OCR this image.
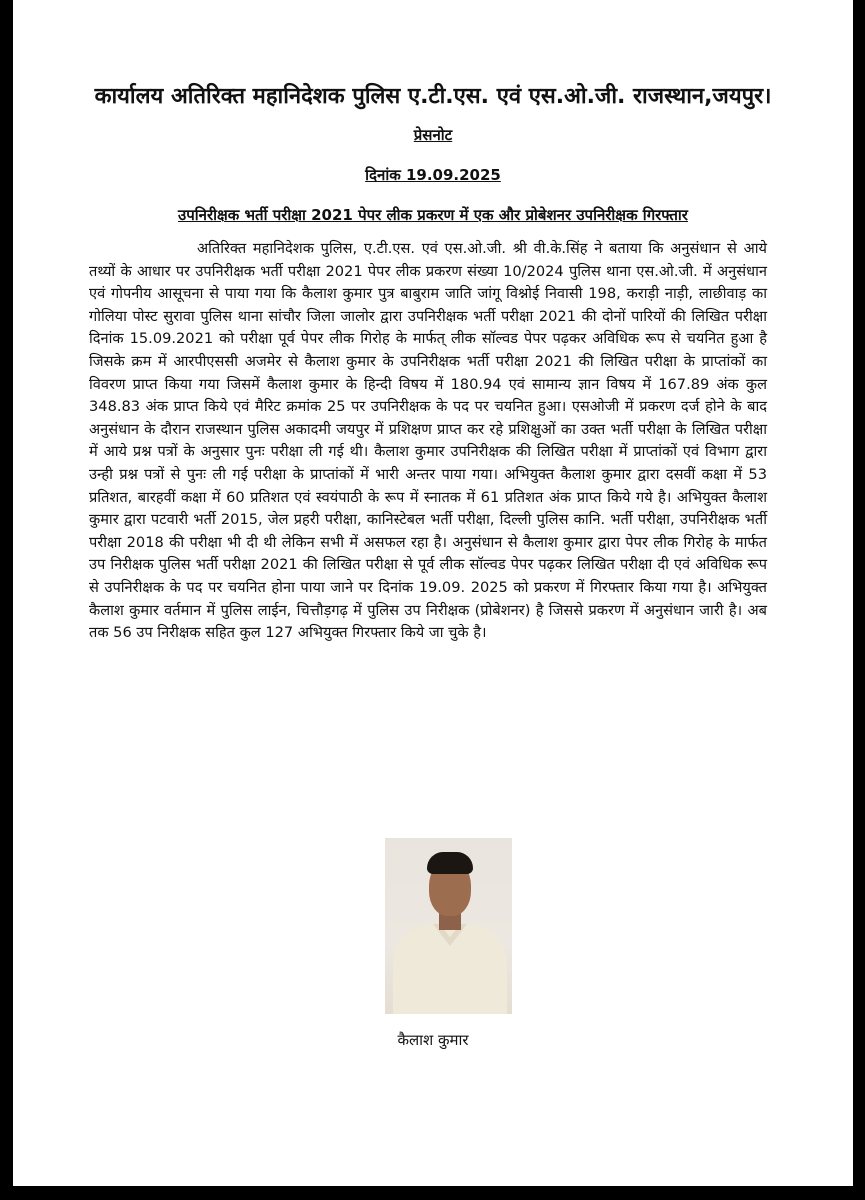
कार्यालय अतिरिक्त महानिदेशक पुलिस ए.टी.एस. एवं एस.ओ.जी. राजस्थान,जयपुर।

प्रेसनोट

दिनांक 19.09.2025

उपनिरीक्षक भर्ती परीक्षा 2021 पेपर लीक प्रकरण में एक और प्रोबेशनर उपनिरीक्षक गिरफ्तार

अतिरिक्त महानिदेशक पुलिस, ए.टी.एस. एवं एस.ओ.जी. श्री वी.के.सिंह ने बताया कि अनुसंधान से आये तथ्यों के आधार पर उपनिरीक्षक भर्ती परीक्षा 2021 पेपर लीक प्रकरण संख्या 10/2024 पुलिस थाना एस.ओ.जी. में अनुसंधान एवं गोपनीय आसूचना से पाया गया कि कैलाश कुमार पुत्र बाबुराम जाति जांगू विश्नोई निवासी 198, कराड़ी नाड़ी, लाछीवाड़ का गोलिया पोस्ट सुरावा पुलिस थाना सांचौर जिला जालोर द्वारा उपनिरीक्षक भर्ती परीक्षा 2021 की दोनों पारियों की लिखित परीक्षा दिनांक 15.09.2021 को परीक्षा पूर्व पेपर लीक गिरोह के मार्फत् लीक सॉल्वड पेपर पढ़कर अविधिक रूप से चयनित हुआ है जिसके क्रम में आरपीएससी अजमेर से कैलाश कुमार के उपनिरीक्षक भर्ती परीक्षा 2021 की लिखित परीक्षा के प्राप्तांकों का विवरण प्राप्त किया गया जिसमें कैलाश कुमार के हिन्दी विषय में 180.94 एवं सामान्य ज्ञान विषय में 167.89 अंक कुल 348.83 अंक प्राप्त किये एवं मैरिट क्रमांक 25 पर उपनिरीक्षक के पद पर चयनित हुआ। एसओजी में प्रकरण दर्ज होने के बाद अनुसंधान के दौरान राजस्थान पुलिस अकादमी जयपुर में प्रशिक्षण प्राप्त कर रहे प्रशिक्षुओं का उक्त भर्ती परीक्षा के लिखित परीक्षा में आये प्रश्न पत्रों के अनुसार पुनः परीक्षा ली गई थी। कैलाश कुमार उपनिरीक्षक की लिखित परीक्षा में प्राप्तांकों एवं विभाग द्वारा उन्ही प्रश्न पत्रों से पुनः ली गई परीक्षा के प्राप्तांकों में भारी अन्तर पाया गया। अभियुक्त कैलाश कुमार द्वारा दसवीं कक्षा में 53 प्रतिशत, बारहवीं कक्षा में 60 प्रतिशत एवं स्वयंपाठी के रूप में स्नातक में 61 प्रतिशत अंक प्राप्त किये गये है। अभियुक्त कैलाश कुमार द्वारा पटवारी भर्ती 2015, जेल प्रहरी परीक्षा, कानिस्टेबल भर्ती परीक्षा, दिल्ली पुलिस कानि. भर्ती परीक्षा, उपनिरीक्षक भर्ती परीक्षा 2018 की परीक्षा भी दी थी लेकिन सभी में असफल रहा है। अनुसंधान से कैलाश कुमार द्वारा पेपर लीक गिरोह के मार्फत उप निरीक्षक पुलिस भर्ती परीक्षा 2021 की लिखित परीक्षा से पूर्व लीक सॉल्वड पेपर पढ़कर लिखित परीक्षा दी एवं अविधिक रूप से उपनिरीक्षक के पद पर चयनित होना पाया जाने पर दिनांक 19.09. 2025 को प्रकरण में गिरफ्तार किया गया है। अभियुक्त कैलाश कुमार वर्तमान में पुलिस लाईन, चित्तौड़गढ़ में पुलिस उप निरीक्षक (प्रोबेशनर) है जिससे प्रकरण में अनुसंधान जारी है। अब तक 56 उप निरीक्षक सहित कुल 127 अभियुक्त गिरफ्तार किये जा चुके है।

कैलाश कुमार
